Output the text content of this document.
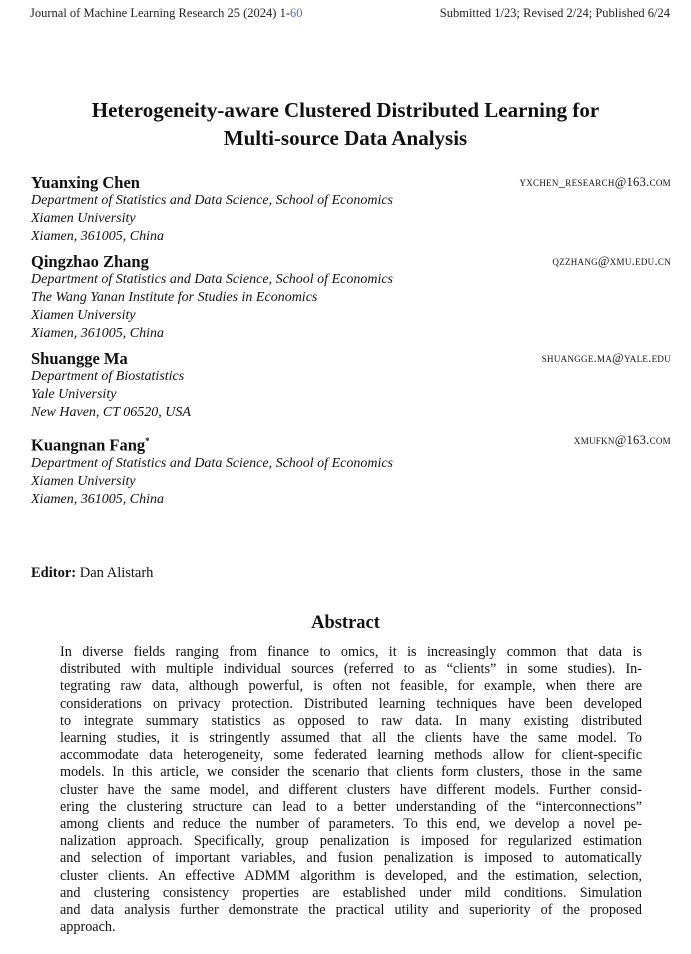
Journal of Machine Learning Research 25 (2024) 1-60	Submitted 1/23; Revised 2/24; Published 6/24
Heterogeneity-aware Clustered Distributed Learning for
Multi-source Data Analysis
Yuanxing Chen	yxchen_research@163.com
Department of Statistics and Data Science, School of Economics
Xiamen University
Xiamen, 361005, China
Qingzhao Zhang	qzzhang@xmu.edu.cn
Department of Statistics and Data Science, School of Economics
The Wang Yanan Institute for Studies in Economics
Xiamen University
Xiamen, 361005, China
Shuangge Ma	shuangge.ma@yale.edu
Department of Biostatistics
Yale University
New Haven, CT 06520, USA
Kuangnan Fang*	xmufkn@163.com
Department of Statistics and Data Science, School of Economics
Xiamen University
Xiamen, 361005, China
Editor: Dan Alistarh
Abstract
In diverse fields ranging from finance to omics, it is increasingly common that data is
distributed with multiple individual sources (referred to as “clients” in some studies). In-
tegrating raw data, although powerful, is often not feasible, for example, when there are
considerations on privacy protection. Distributed learning techniques have been developed
to integrate summary statistics as opposed to raw data. In many existing distributed
learning studies, it is stringently assumed that all the clients have the same model. To
accommodate data heterogeneity, some federated learning methods allow for client-specific
models. In this article, we consider the scenario that clients form clusters, those in the same
cluster have the same model, and different clusters have different models. Further consid-
ering the clustering structure can lead to a better understanding of the “interconnections”
among clients and reduce the number of parameters. To this end, we develop a novel pe-
nalization approach. Specifically, group penalization is imposed for regularized estimation
and selection of important variables, and fusion penalization is imposed to automatically
cluster clients. An effective ADMM algorithm is developed, and the estimation, selection,
and clustering consistency properties are established under mild conditions. Simulation
and data analysis further demonstrate the practical utility and superiority of the proposed
approach.
